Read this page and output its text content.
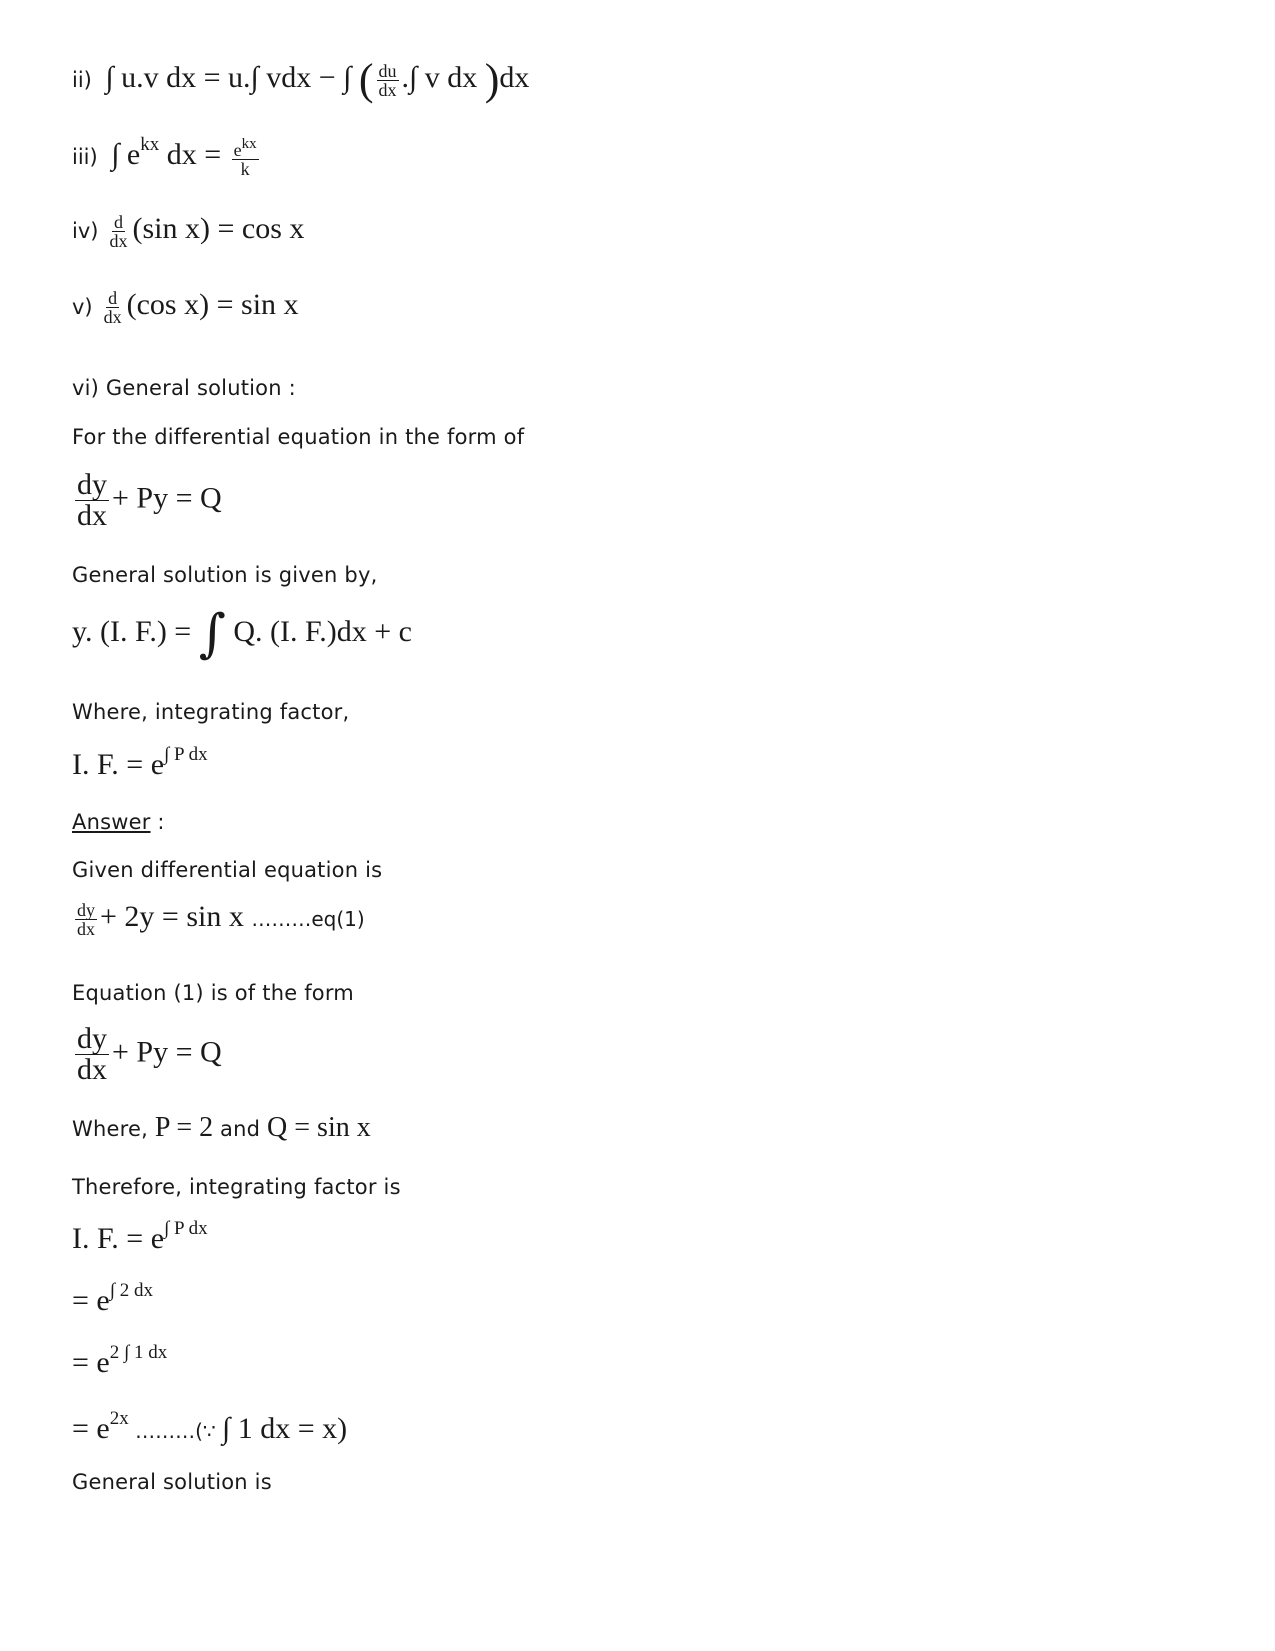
ii) ∫ u.v dx = u.∫ vdx − ∫ ( $\frac{du}{dx}$ .∫ v dx )dx
iii) ∫ $e^{kx}$ dx = $\frac{e^{kx}}{k}$
$iv) \frac{d}{dx} (\sin$ x) = cos x
$v) \frac{d}{dx} (\cos$ x) = sin x
vi) General solution :
For the differential equation in the form of
$\frac{dy}{dx} + Py = Q$
General solution is given by,
y. (I. F.) = ∫ Q. (I. F.)dx + c
Where, integrating factor,
I. F. = $e^{\int P dx}$
Answer :
Given differential equation is
$\frac{dy}{dx} + 2y = \sin x$ ………eq(1)
Equation (1) is of the form
$\frac{dy}{dx} + Py = Q$
Where, P = 2 and Q = sin x
Therefore, integrating factor is
I. F. = $e^{\int P dx}$
= $e^{\int 2 dx}$
= $e^{2 \int 1 dx}$
= $e^{2x}$ ………(∵ ∫ 1 dx = x)
General solution is
